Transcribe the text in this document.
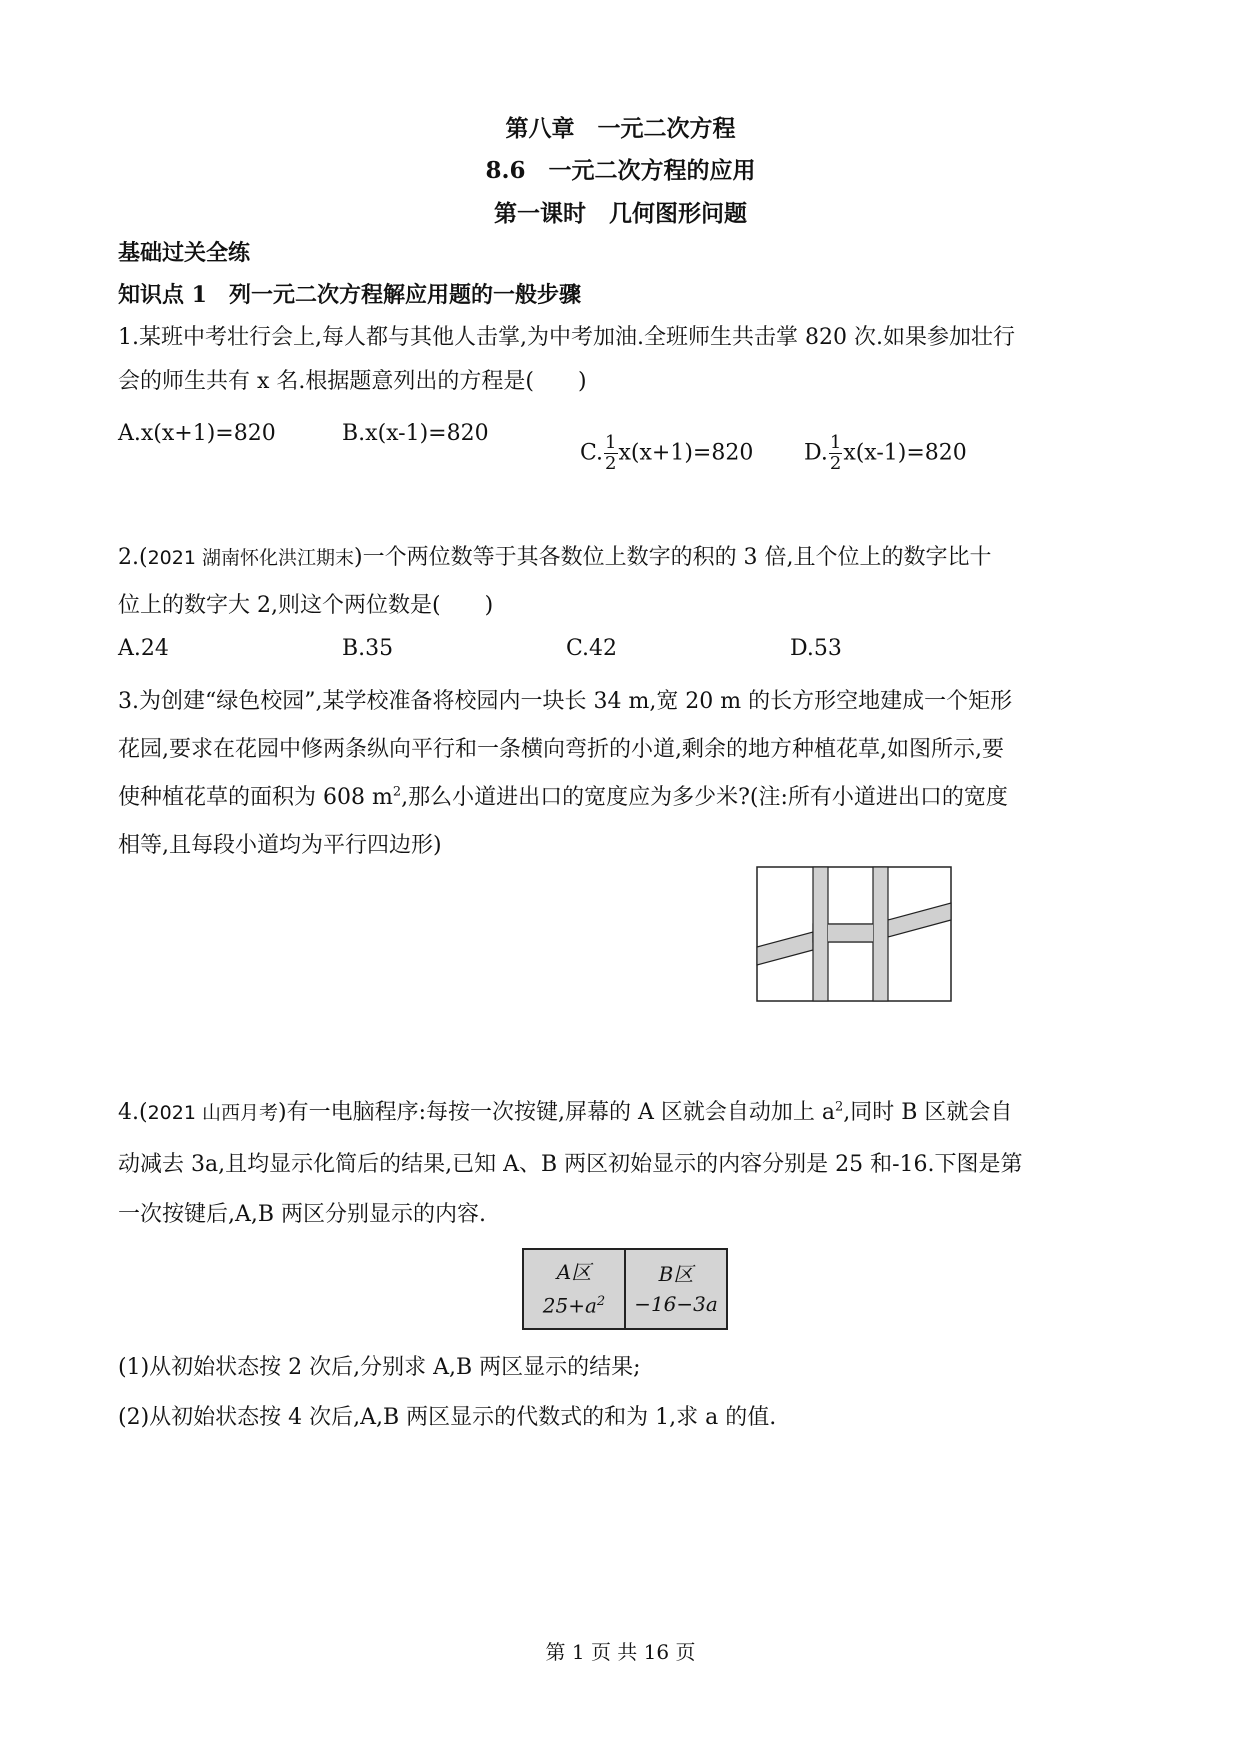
第八章　一元二次方程
8.6　一元二次方程的应用
第一课时　几何图形问题
基础过关全练
知识点 1　列一元二次方程解应用题的一般步骤
1.某班中考壮行会上,每人都与其他人击掌,为中考加油.全班师生共击掌 820 次.如果参加壮行
会的师生共有 x 名.根据题意列出的方程是(　　)
A.x(x+1)=820	B.x(x-1)=820

C. $\frac{1}{2} x(x+1)=820$	D. $\frac{1}{2} x(x-1)=820$

2.(2021 湖南怀化洪江期末)一个两位数等于其各数位上数字的积的 3 倍,且个位上的数字比十
位上的数字大 2,则这个两位数是(　　)
A.24	B.35	C.42	D.53
3.为创建“绿色校园”,某学校准备将校园内一块长 34 m,宽 20 m 的长方形空地建成一个矩形
花园,要求在花园中修两条纵向平行和一条横向弯折的小道,剩余的地方种植花草,如图所示,要
使种植花草的面积为 608 $m^2$,那么小道进出口的宽度应为多少米?(注:所有小道进出口的宽度
相等,且每段小道均为平行四边形)
4.(2021 山西月考)有一电脑程序:每按一次按键,屏幕的 A 区就会自动加上 $a^2$,同时 B 区就会自
动减去 3a,且均显示化简后的结果,已知 A、B 两区初始显示的内容分别是 25 和-16.下图是第
一次按键后,A,B 两区分别显示的内容.
A区
$25+a^2$
B区
−16−3a
(1)从初始状态按 2 次后,分别求 A,B 两区显示的结果;
(2)从初始状态按 4 次后,A,B 两区显示的代数式的和为 1,求 a 的值.
第 1 页 共 16 页
